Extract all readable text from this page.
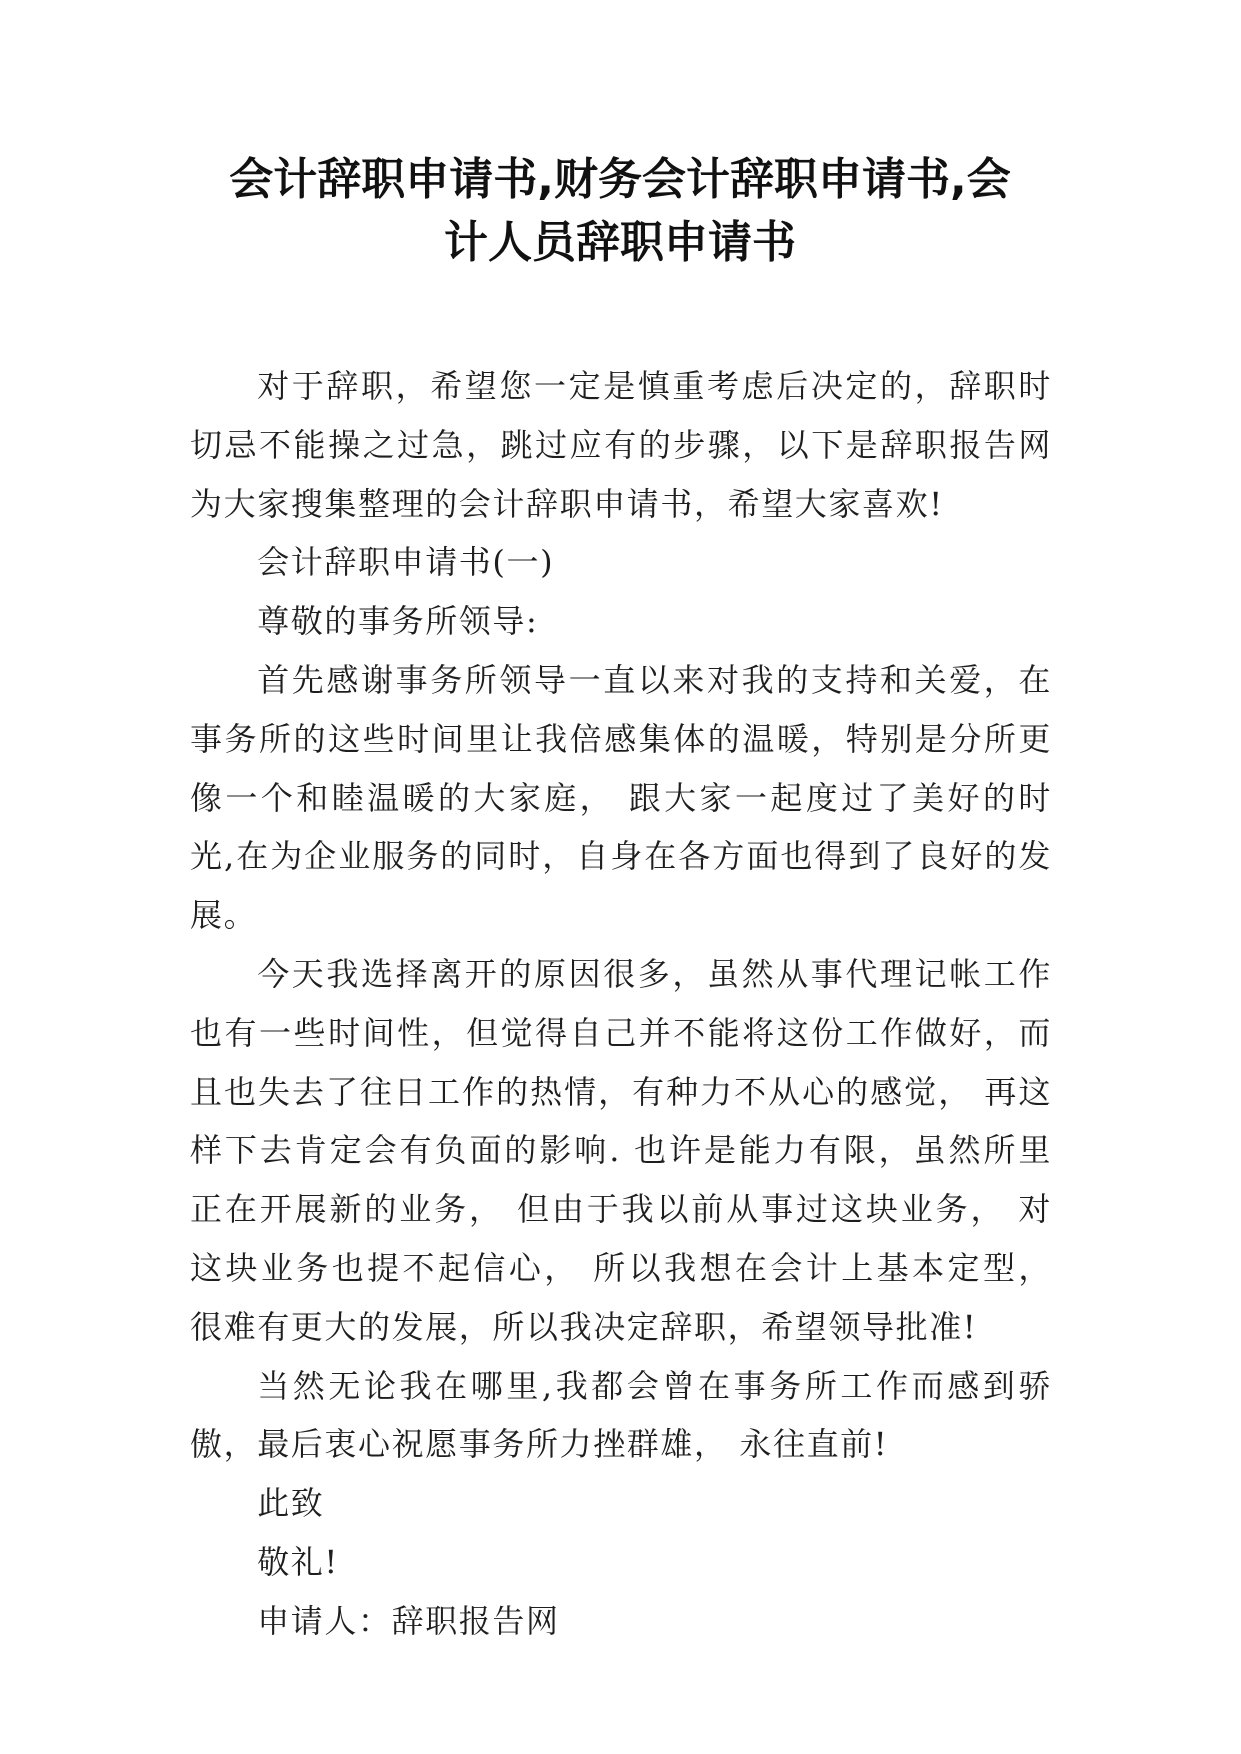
会计辞职申请书,财务会计辞职申请书,会
计人员辞职申请书

对于辞职，希望您一定是慎重考虑后决定的，辞职时切忌不能操之过急，跳过应有的步骤，以下是辞职报告网为大家搜集整理的会计辞职申请书，希望大家喜欢!

会计辞职申请书(一)

尊敬的事务所领导:

首先感谢事务所领导一直以来对我的支持和关爱，在事务所的这些时间里让我倍感集体的温暖，特别是分所更像一个和睦温暖的大家庭， 跟大家一起度过了美好的时光,在为企业服务的同时，自身在各方面也得到了良好的发展。

今天我选择离开的原因很多，虽然从事代理记帐工作也有一些时间性，但觉得自己并不能将这份工作做好，而且也失去了往日工作的热情，有种力不从心的感觉， 再这样下去肯定会有负面的影响. 也许是能力有限，虽然所里正在开展新的业务， 但由于我以前从事过这块业务， 对这块业务也提不起信心， 所以我想在会计上基本定型， 很难有更大的发展，所以我决定辞职，希望领导批准!

当然无论我在哪里,我都会曾在事务所工作而感到骄傲，最后衷心祝愿事务所力挫群雄， 永往直前!

此致

敬礼!

申请人：辞职报告网
